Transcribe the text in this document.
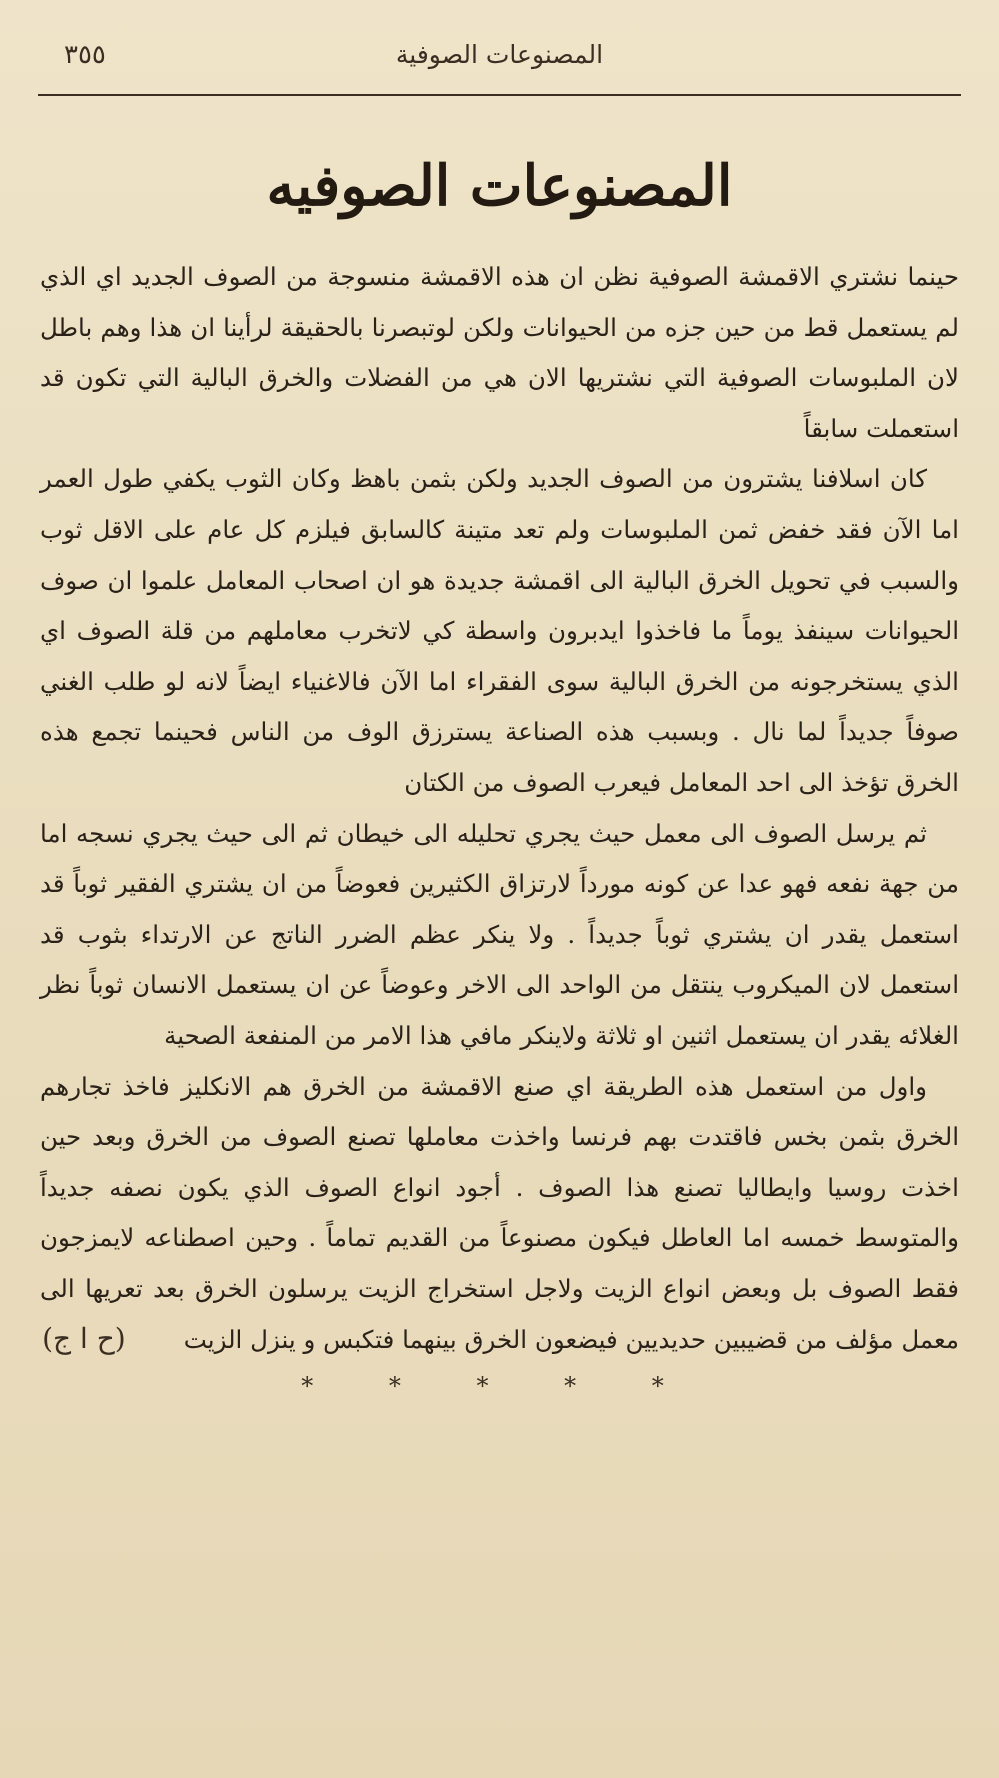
المصنوعات الصوفية
٣٥٥
المصنوعات الصوفيه

حينما نشتري الاقمشة الصوفية نظن ان هذه الاقمشة منسوجة من الصوف الجديد اي الذي لم يستعمل قط من حين جزه من الحيوانات ولكن لوتبصرنا بالحقيقة لرأينا ان هذا وهم باطل لان الملبوسات الصوفية التي نشتريها الان هي من الفضلات والخرق البالية التي تكون قد استعملت سابقاً

كان اسلافنا يشترون من الصوف الجديد ولكن بثمن باهظ وكان الثوب يكفي طول العمر اما الآن فقد خفض ثمن الملبوسات ولم تعد متينة كالسابق فيلزم كل عام على الاقل ثوب والسبب في تحويل الخرق البالية الى اقمشة جديدة هو ان اصحاب المعامل علموا ان صوف الحيوانات سينفذ يوماً ما فاخذوا ايدبرون واسطة كي لاتخرب معاملهم من قلة الصوف اي الذي يستخرجونه من الخرق البالية سوى الفقراء اما الآن فالاغنياء ايضاً لانه لو طلب الغني صوفاً جديداً لما نال . وبسبب هذه الصناعة يسترزق الوف من الناس فحينما تجمع هذه الخرق تؤخذ الى احد المعامل فيعرب الصوف من الكتان

ثم يرسل الصوف الى معمل حيث يجري تحليله الى خيطان ثم الى حيث يجري نسجه اما من جهة نفعه فهو عدا عن كونه مورداً لارتزاق الكثيرين فعوضاً من ان يشتري الفقير ثوباً قد استعمل يقدر ان يشتري ثوباً جديداً . ولا ينكر عظم الضرر الناتج عن الارتداء بثوب قد استعمل لان الميكروب ينتقل من الواحد الى الاخر وعوضاً عن ان يستعمل الانسان ثوباً نظر الغلائه يقدر ان يستعمل اثنين او ثلاثة ولاينكر مافي هذا الامر من المنفعة الصحية

واول من استعمل هذه الطريقة اي صنع الاقمشة من الخرق هم الانكليز فاخذ تجارهم الخرق بثمن بخس فاقتدت بهم فرنسا واخذت معاملها تصنع الصوف من الخرق وبعد حين اخذت روسيا وايطاليا تصنع هذا الصوف . أجود انواع الصوف الذي يكون نصفه جديداً والمتوسط خمسه اما العاطل فيكون مصنوعاً من القديم تماماً . وحين اصطناعه لايمزجون فقط الصوف بل وبعض انواع الزيت ولاجل استخراج الزيت يرسلون الخرق بعد تعريها الى معمل مؤلف من قضيبين حديديين فيضعون الخرق بينهما فتكبس و ينزل الزيت(ح ا ج)

* * * * *
